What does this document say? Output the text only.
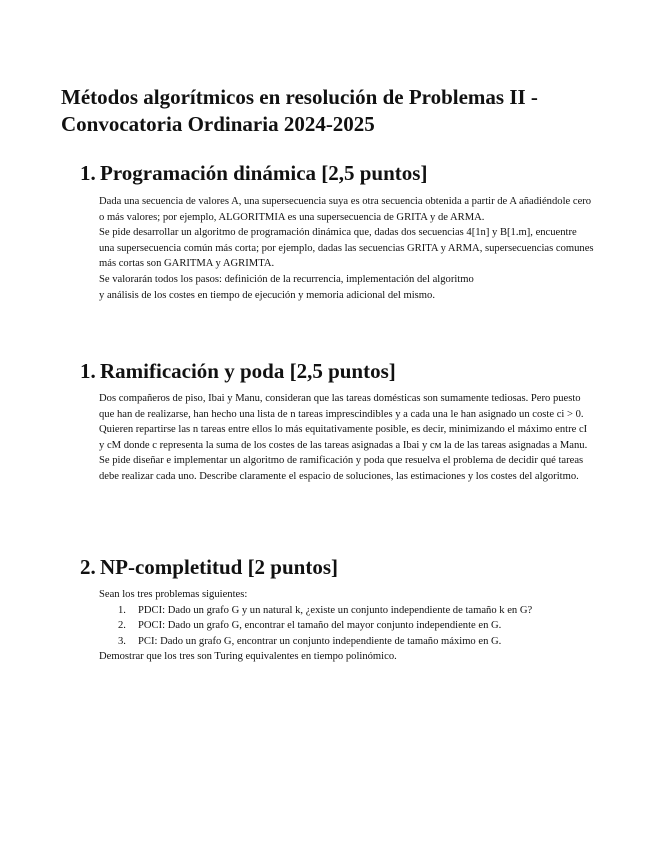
Métodos algorítmicos en resolución de Problemas II - Convocatoria Ordinaria 2024-2025
1. Programación dinámica [2,5 puntos]

Dada una secuencia de valores A, una supersecuencia suya es otra secuencia obtenida a partir de A añadiéndole cero o más valores; por ejemplo, ALGORITMIA es una supersecuencia de GRITA y de ARMA.

Se pide desarrollar un algoritmo de programación dinámica que, dadas dos secuencias 4[1n] y B[1.m], encuentre una supersecuencia común más corta; por ejemplo, dadas las secuencias GRITA y ARMA, supersecuencias comunes más cortas son GARITMA y AGRIMTA.

Se valorarán todos los pasos: definición de la recurrencia, implementación del algoritmo

y análisis de los costes en tiempo de ejecución y memoria adicional del mismo.

1. Ramificación y poda [2,5 puntos]

Dos compañeros de piso, Ibai y Manu, consideran que las tareas domésticas son sumamente tediosas. Pero puesto que han de realizarse, han hecho una lista de n tareas imprescindibles y a cada una le han asignado un coste ci > 0. Quieren repartirse las n tareas entre ellos lo más equitativamente posible, es decir, minimizando el máximo entre cI y cM donde c representa la suma de los costes de las tareas asignadas a Ibai y cм la de las tareas asignadas a Manu.

Se pide diseñar e implementar un algoritmo de ramificación y poda que resuelva el problema de decidir qué tareas debe realizar cada uno. Describe claramente el espacio de soluciones, las estimaciones y los costes del algoritmo.

2. NP-completitud [2 puntos]

Sean los tres problemas siguientes:

1. PDCI: Dado un grafo G y un natural k, ¿existe un conjunto independiente de tamaño k en G?
2. POCI: Dado un grafo G, encontrar el tamaño del mayor conjunto independiente en G.
3. PCI: Dado un grafo G, encontrar un conjunto independiente de tamaño máximo en G.

Demostrar que los tres son Turing equivalentes en tiempo polinómico.
